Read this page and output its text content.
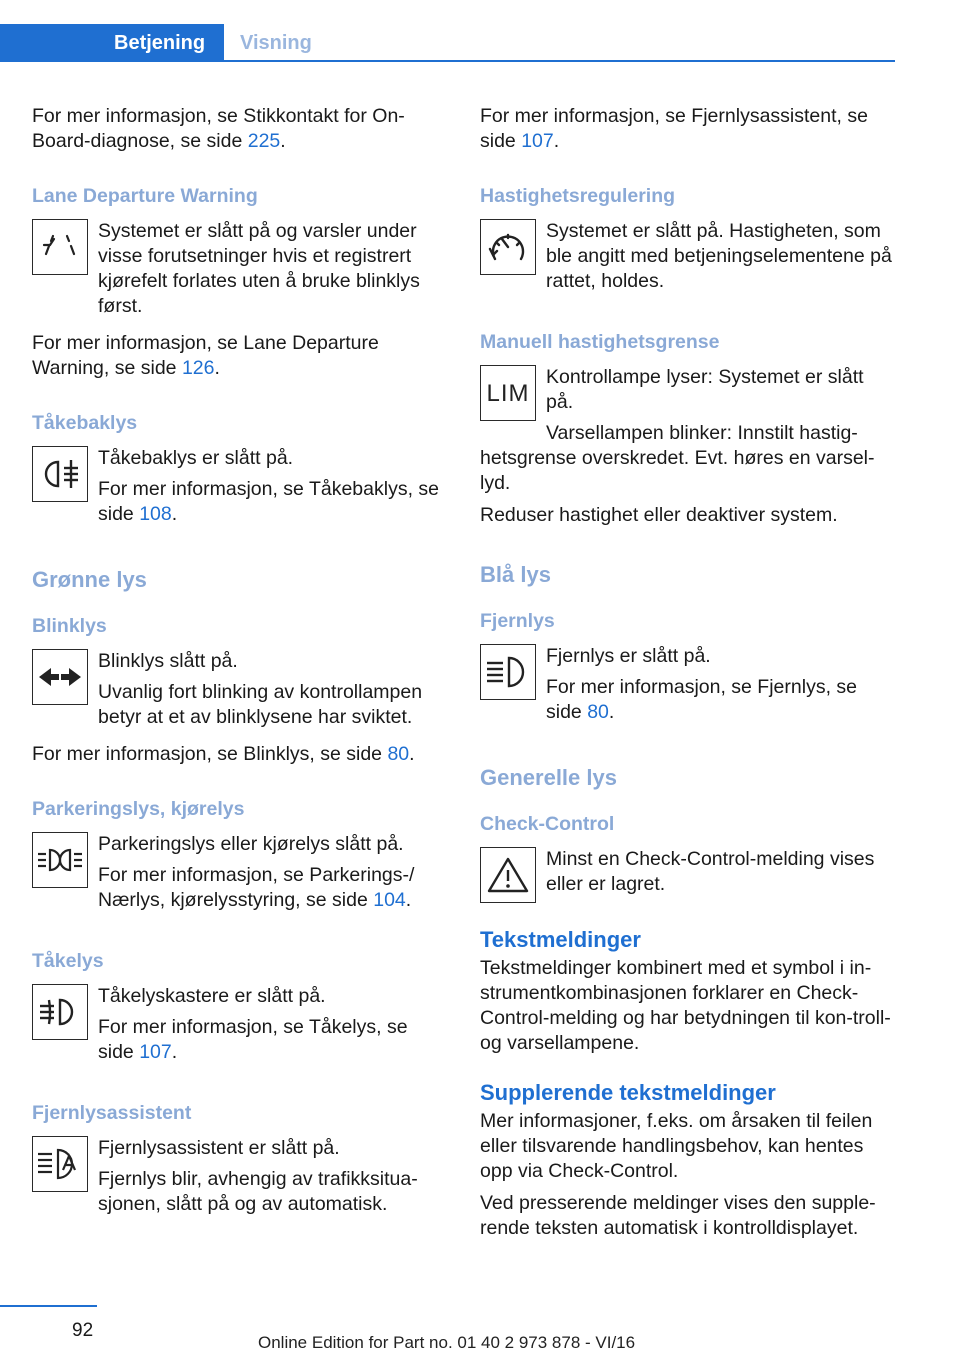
Betjening	Visning

For mer informasjon, se Stikkontakt for On-Board-diagnose, se side 225.

Lane Departure Warning

Systemet er slått på og varsler under visse forutsetninger hvis et registrert kjørefelt forlates uten å bruke blinklys først.

For mer informasjon, se Lane Departure Warning, se side 126.

Tåkebaklys

Tåkebaklys er slått på.

For mer informasjon, se Tåkebaklys, se side 108.

Grønne lys
Blinklys

Blinklys slått på.

Uvanlig fort blinking av kontrollampen betyr at et av blinklysene har sviktet.

For mer informasjon, se Blinklys, se side 80.

Parkeringslys, kjørelys

Parkeringslys eller kjørelys slått på.

For mer informasjon, se Parkerings-/ Nærlys, kjørelysstyring, se side 104.

Tåkelys

Tåkelyskastere er slått på.

For mer informasjon, se Tåkelys, se side 107.

Fjernlysassistent

Fjernlysassistent er slått på.

Fjernlys blir, avhengig av trafikksitua-sjonen, slått på og av automatisk.

For mer informasjon, se Fjernlysassistent, se side 107.

Hastighetsregulering

Systemet er slått på. Hastigheten, som ble angitt med betjeningselementene på rattet, holdes.

Manuell hastighetsgrense
LIM

Kontrollampe lyser: Systemet er slått på.

Varsellampen blinker: Innstilt hastig-hetsgrense overskredet. Evt. høres en varsel-lyd.

Reduser hastighet eller deaktiver system.

Blå lys
Fjernlys

Fjernlys er slått på.

For mer informasjon, se Fjernlys, se side 80.

Generelle lys
Check-Control

Minst en Check-Control-melding vises eller er lagret.

Tekstmeldinger

Tekstmeldinger kombinert med et symbol i in-strumentkombinasjonen forklarer en Check-Control-melding og har betydningen til kon-troll- og varsellampene.

Supplerende tekstmeldinger

Mer informasjoner, f.eks. om årsaken til feilen eller tilsvarende handlingsbehov, kan hentes opp via Check-Control.

Ved presserende meldinger vises den supple-rende teksten automatisk i kontrolldisplayet.

92
Online Edition for Part no. 01 40 2 973 878 - VI/16
